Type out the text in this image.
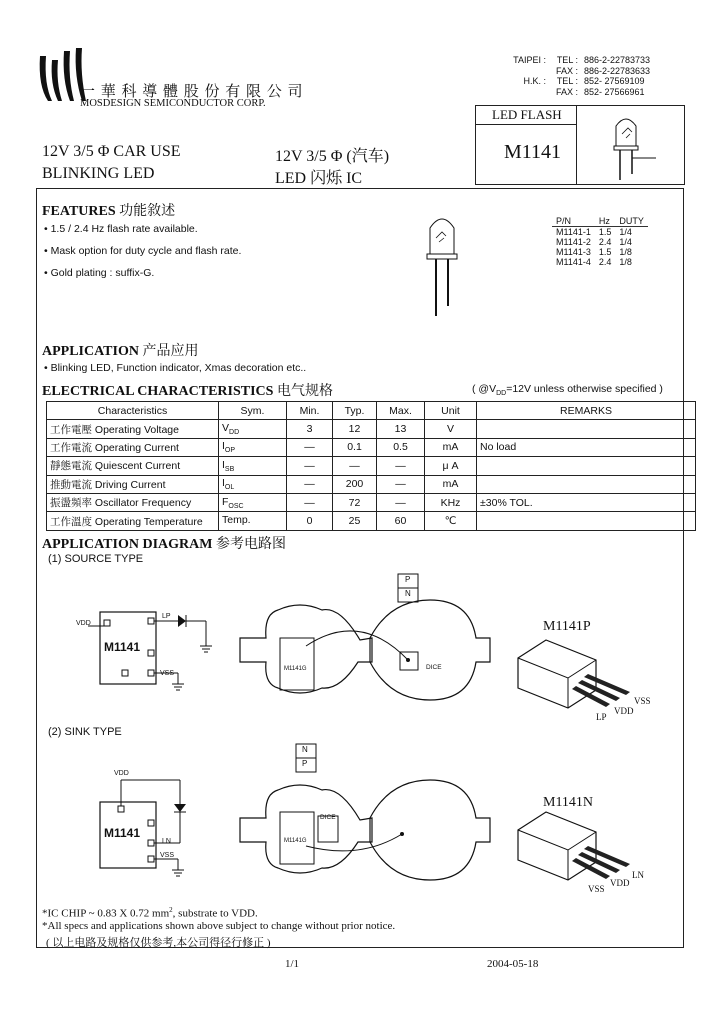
一 華 科 導 體 股 份 有 限 公 司
MOSDESIGN SEMICONDUCTOR CORP.
TAIPEI :	TEL : 886-2-22783733
FAX : 886-2-22783633
H.K. :	TEL : 852- 27569109
FAX : 852- 27566961
LED FLASH
M1141
12V 3/5 Φ CAR USE
BLINKING LED
12V 3/5 Φ (汽车)
LED 闪烁 IC
FEATURES 功能敘述
• 1.5 / 2.4 Hz flash rate available.
• Mask option for duty cycle and flash rate.
• Gold plating : suffix-G.
P/N	Hz	DUTY
M1141-1	1.5	1/4
M1141-2	2.4	1/4
M1141-3	1.5	1/8
M1141-4	2.4	1/8
APPLICATION 产品应用
• Blinking LED, Function indicator, Xmas decoration etc..
ELECTRICAL CHARACTERISTICS 电气规格	( $@V_{DD}=12V$ unless otherwise specified )
Characteristics	Sym.	Min.	Typ.	Max.	Unit	REMARKS
工作電壓 Operating Voltage	$V_{DD}$	3	12	13	V	
工作電流 Operating Current	$I_{OP}$	—	0.1	0.5	mA	No load
靜態電流 Quiescent Current	$I_{SB}$	—	—	—	μ A	
推動電流 Driving Current	$I_{OL}$	—	200	—	mA	
振盪頻率 Oscillator Frequency	$F_{OSC}$	—	72	—	KHz	±30% TOL.
工作溫度 Operating Temperature	Temp.	0	25	60	℃	
APPLICATION DIAGRAM 参考电路图
(1) SOURCE TYPE
(2) SINK TYPE
M1141
VDD
LP
VSS
M1141G	DICE
P
N
M1141P
LP
VDD
VSS
M1141
VDD
LN
VSS
M1141G
DICE
N
P
M1141N
VSS
VDD
LN
*IC CHIP ~ 0.83 X 0.72 $mm^2$, substrate to VDD.
*All specs and applications shown above subject to change without prior notice.
( 以上电路及规格仅供参考,本公司得径行修正 )
1/1	2004-05-18
